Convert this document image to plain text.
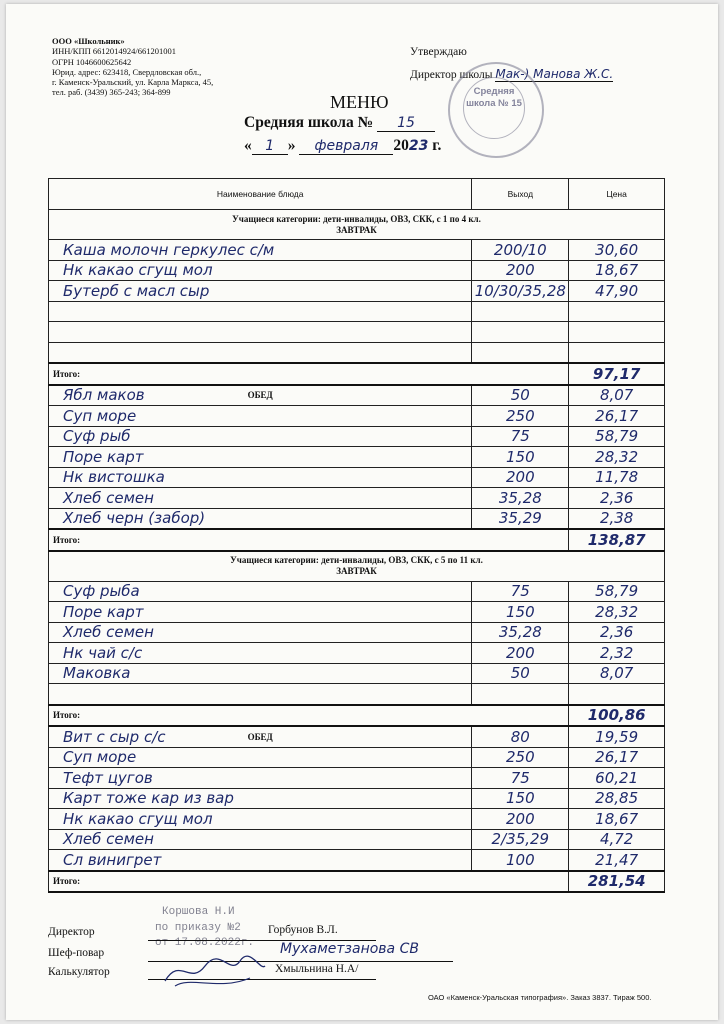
ООО «Школьник»
ИНН/КПП 6612014924/661201001
ОГРН 1046600625642
Юрид. адрес: 623418, Свердловская обл.,
г. Каменск-Уральский, ул. Карла Маркса, 45,
тел. раб. (3439) 365-243; 364-899
Утверждаю
Директор школы Мак-) Манова Ж.С.
Средняя школа № 15
МЕНЮ
Средняя школа № 15
« 1 » февраля 2023 г.
Наименование блюда	Выход	Цена

Учащиеся категории: дети-инвалиды, ОВЗ, СКК, с 1 по 4 кл.
ЗАВТРАК		

Каша молочн геркулес с/м	200/10	30,60

Нк какао сгущ мол	200	18,67

Бутерб с масл сыр	10/30/35,28	47,90

Итого:		97,17

ОБЕД
Ябл маков	50	8,07

Суп море	250	26,17

Суф рыб	75	58,79

Поре карт	150	28,32

Нк вистошка	200	11,78

Хлеб семен	35,28	2,36

Хлеб черн (забор)	35,29	2,38
Итого:		138,87

Учащиеся категории: дети-инвалиды, ОВЗ, СКК, с 5 по 11 кл.
ЗАВТРАК		

Суф рыба	75	58,79

Поре карт	150	28,32

Хлеб семен	35,28	2,36

Нк чай с/с	200	2,32

Маковка	50	8,07

Итого:		100,86

ОБЕД
Вит с сыр с/с	80	19,59

Суп море	250	26,17

Тефт цугов	75	60,21

Карт тоже кар из вар	150	28,85

Нк какао сгущ мол	200	18,67

Хлеб семен	2/35,29	4,72

Сл винигрет	100	21,47
Итого:		281,54
Директор
Коршова Н.И
по приказу №2
от 17.08.2022г.
Горбунов В.Л.
Шеф-повар	Мухаметзанова СВ
Калькулятор	Хмыльнина Н.А/
ОАО «Каменск-Уральская типография». Заказ 3837. Тираж 500.
